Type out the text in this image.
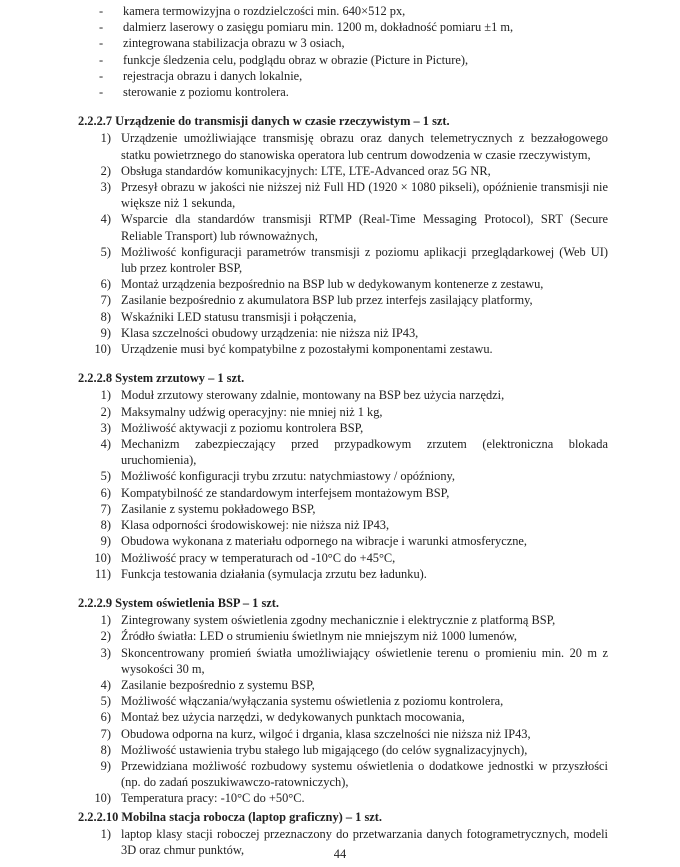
-	kamera termowizyjna o rozdzielczości min. 640×512 px,
-	dalmierz laserowy o zasięgu pomiaru min. 1200 m, dokładność pomiaru ±1 m,
-	zintegrowana stabilizacja obrazu w 3 osiach,
-	funkcje śledzenia celu, podglądu obraz w obrazie (Picture in Picture),
-	rejestracja obrazu i danych lokalnie,
-	sterowanie z poziomu kontrolera.
2.2.2.7 Urządzenie do transmisji danych w czasie rzeczywistym – 1 szt.
1) Urządzenie umożliwiające transmisję obrazu oraz danych telemetrycznych z bezzałogowego statku powietrznego do stanowiska operatora lub centrum dowodzenia w czasie rzeczywistym,
2) Obsługa standardów komunikacyjnych: LTE, LTE-Advanced oraz 5G NR,
3) Przesył obrazu w jakości nie niższej niż Full HD (1920 × 1080 pikseli), opóźnienie transmisji nie większe niż 1 sekunda,
4) Wsparcie dla standardów transmisji RTMP (Real-Time Messaging Protocol), SRT (Secure Reliable Transport) lub równoważnych,
5) Możliwość konfiguracji parametrów transmisji z poziomu aplikacji przeglądarkowej (Web UI) lub przez kontroler BSP,
6) Montaż urządzenia bezpośrednio na BSP lub w dedykowanym kontenerze z zestawu,
7) Zasilanie bezpośrednio z akumulatora BSP lub przez interfejs zasilający platformy,
8) Wskaźniki LED statusu transmisji i połączenia,
9) Klasa szczelności obudowy urządzenia: nie niższa niż IP43,
10) Urządzenie musi być kompatybilne z pozostałymi komponentami zestawu.
2.2.2.8 System zrzutowy – 1 szt.
1) Moduł zrzutowy sterowany zdalnie, montowany na BSP bez użycia narzędzi,
2) Maksymalny udźwig operacyjny: nie mniej niż 1 kg,
3) Możliwość aktywacji z poziomu kontrolera BSP,
4) Mechanizm zabezpieczający przed przypadkowym zrzutem (elektroniczna blokada uruchomienia),
5) Możliwość konfiguracji trybu zrzutu: natychmiastowy / opóźniony,
6) Kompatybilność ze standardowym interfejsem montażowym BSP,
7) Zasilanie z systemu pokładowego BSP,
8) Klasa odporności środowiskowej: nie niższa niż IP43,
9) Obudowa wykonana z materiału odpornego na wibracje i warunki atmosferyczne,
10) Możliwość pracy w temperaturach od -10°C do +45°C,
11) Funkcja testowania działania (symulacja zrzutu bez ładunku).
2.2.2.9 System oświetlenia BSP – 1 szt.
1) Zintegrowany system oświetlenia zgodny mechanicznie i elektrycznie z platformą BSP,
2) Źródło światła: LED o strumieniu świetlnym nie mniejszym niż 1000 lumenów,
3) Skoncentrowany promień światła umożliwiający oświetlenie terenu o promieniu min. 20 m z wysokości 30 m,
4) Zasilanie bezpośrednio z systemu BSP,
5) Możliwość włączania/wyłączania systemu oświetlenia z poziomu kontrolera,
6) Montaż bez użycia narzędzi, w dedykowanych punktach mocowania,
7) Obudowa odporna na kurz, wilgoć i drgania, klasa szczelności nie niższa niż IP43,
8) Możliwość ustawienia trybu stałego lub migającego (do celów sygnalizacyjnych),
9) Przewidziana możliwość rozbudowy systemu oświetlenia o dodatkowe jednostki w przyszłości (np. do zadań poszukiwawczo-ratowniczych),
10) Temperatura pracy: -10°C do +50°C.
2.2.2.10 Mobilna stacja robocza (laptop graficzny) – 1 szt.
1) laptop klasy stacji roboczej przeznaczony do przetwarzania danych fotogrametrycznych, modeli 3D oraz chmur punktów,	44
